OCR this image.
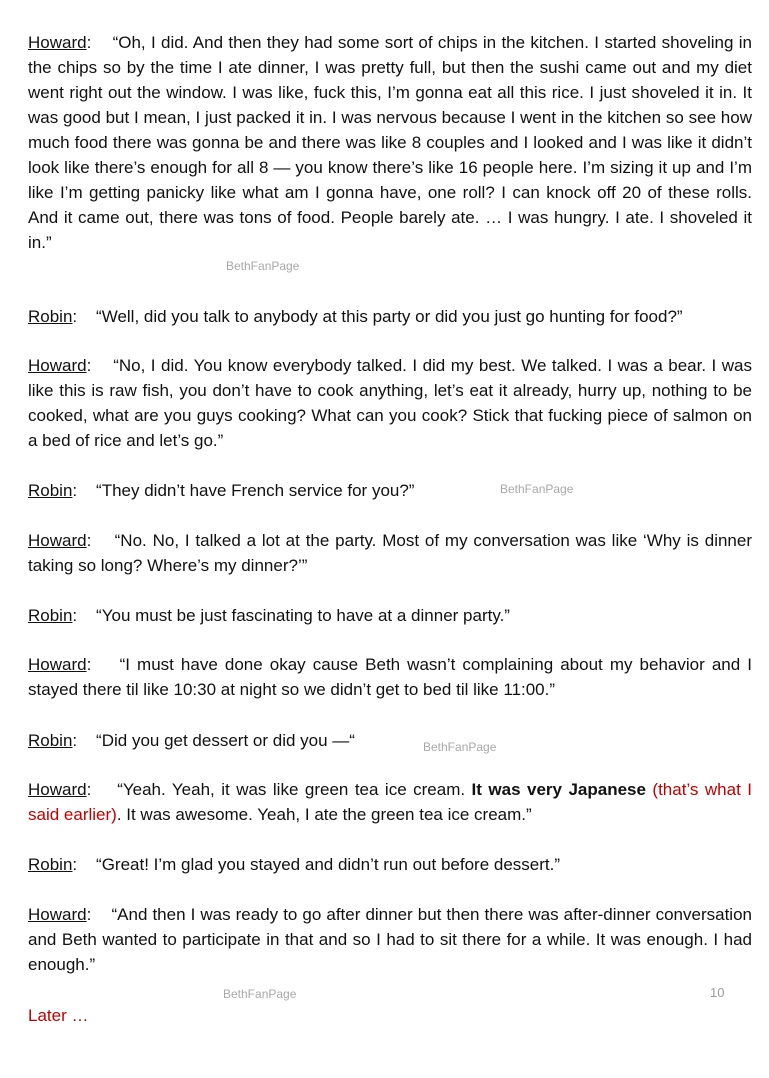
Howard:    “Oh, I did. And then they had some sort of chips in the kitchen. I started shoveling in the chips so by the time I ate dinner, I was pretty full, but then the sushi came out and my diet went right out the window. I was like, fuck this, I’m gonna eat all this rice. I just shoveled it in. It was good but I mean, I just packed it in. I was nervous because I went in the kitchen so see how much food there was gonna be and there was like 8 couples and I looked and I was like it didn’t look like there’s enough for all 8 — you know there’s like 16 people here. I’m sizing it up and I’m like I’m getting panicky like what am I gonna have, one roll? I can knock off 20 of these rolls. And it came out, there was tons of food. People barely ate. … I was hungry. I ate. I shoveled it in.”

BethFanPage

Robin:    “Well, did you talk to anybody at this party or did you just go hunting for food?”

Howard:    “No, I did. You know everybody talked. I did my best. We talked. I was a bear. I was like this is raw fish, you don’t have to cook anything, let’s eat it already, hurry up, nothing to be cooked, what are you guys cooking? What can you cook? Stick that fucking piece of salmon on a bed of rice and let’s go.”

Robin:    “They didn’t have French service for you?”	BethFanPage

Howard:    “No. No, I talked a lot at the party. Most of my conversation was like ‘Why is dinner taking so long? Where’s my dinner?’”

Robin:    “You must be just fascinating to have at a dinner party.”

Howard:    “I must have done okay cause Beth wasn’t complaining about my behavior and I stayed there til like 10:30 at night so we didn’t get to bed til like 11:00.”

Robin:    “Did you get dessert or did you —“	BethFanPage

Howard:    “Yeah. Yeah, it was like green tea ice cream. It was very Japanese (that’s what I said earlier). It was awesome. Yeah, I ate the green tea ice cream.”

Robin:    “Great! I’m glad you stayed and didn’t run out before dessert.”

Howard:    “And then I was ready to go after dinner but then there was after-dinner conversation and Beth wanted to participate in that and so I had to sit there for a while. It was enough. I had enough.”

BethFanPage	10
Later …
